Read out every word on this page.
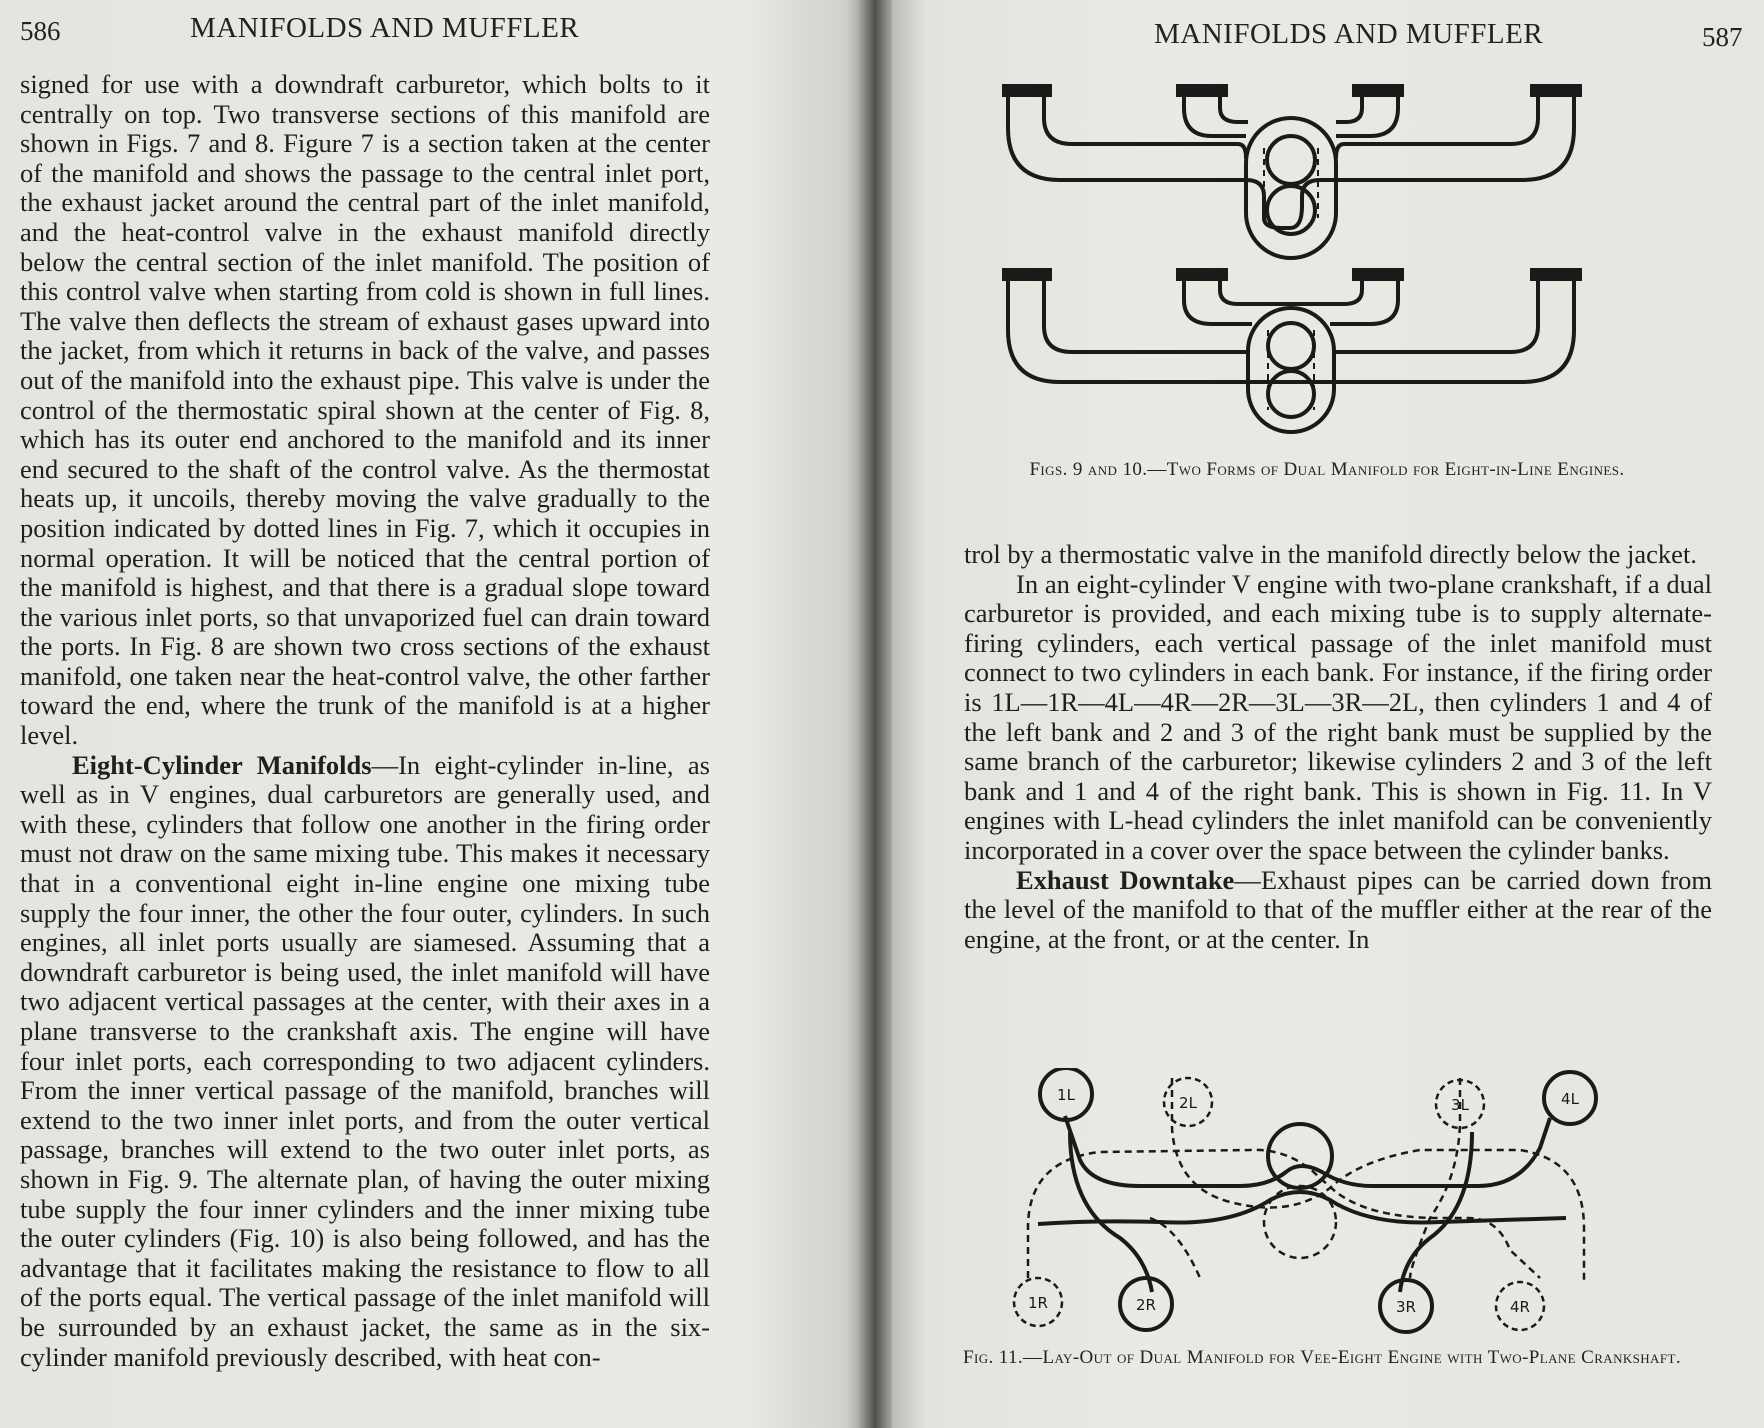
586	MANIFOLDS AND MUFFLER

signed for use with a downdraft carburetor, which bolts to it centrally on top. Two transverse sections of this manifold are shown in Figs. 7 and 8. Figure 7 is a section taken at the center of the manifold and shows the passage to the central inlet port, the exhaust jacket around the central part of the inlet manifold, and the heat-control valve in the exhaust manifold directly below the central section of the inlet manifold. The position of this control valve when starting from cold is shown in full lines. The valve then deflects the stream of exhaust gases upward into the jacket, from which it returns in back of the valve, and passes out of the manifold into the exhaust pipe. This valve is under the control of the thermostatic spiral shown at the center of Fig. 8, which has its outer end anchored to the manifold and its inner end secured to the shaft of the control valve. As the thermostat heats up, it uncoils, thereby moving the valve gradually to the position indicated by dotted lines in Fig. 7, which it occupies in normal operation. It will be noticed that the central portion of the manifold is highest, and that there is a gradual slope toward the various inlet ports, so that unvaporized fuel can drain toward the ports. In Fig. 8 are shown two cross sections of the exhaust manifold, one taken near the heat-control valve, the other farther toward the end, where the trunk of the manifold is at a higher level.

Eight-Cylinder Manifolds—In eight-cylinder in-line, as well as in V engines, dual carburetors are generally used, and with these, cylinders that follow one another in the firing order must not draw on the same mixing tube. This makes it necessary that in a conventional eight in-line engine one mixing tube supply the four inner, the other the four outer, cylinders. In such engines, all inlet ports usually are siamesed. Assuming that a downdraft carburetor is being used, the inlet manifold will have two adjacent vertical passages at the center, with their axes in a plane transverse to the crankshaft axis. The engine will have four inlet ports, each corresponding to two adjacent cylinders. From the inner vertical passage of the manifold, branches will extend to the two inner inlet ports, and from the outer vertical passage, branches will extend to the two outer inlet ports, as shown in Fig. 9. The alternate plan, of having the outer mixing tube supply the four inner cylinders and the inner mixing tube the outer cylinders (Fig. 10) is also being followed, and has the advantage that it facilitates making the resistance to flow to all of the ports equal. The vertical passage of the inlet manifold will be surrounded by an exhaust jacket, the same as in the six-cylinder manifold previously described, with heat con-

MANIFOLDS AND MUFFLER	587
Figs. 9 and 10.—Two Forms of Dual Manifold for Eight-in-Line Engines.

trol by a thermostatic valve in the manifold directly below the jacket.

In an eight-cylinder V engine with two-plane crankshaft, if a dual carburetor is provided, and each mixing tube is to supply alternate-firing cylinders, each vertical passage of the inlet manifold must connect to two cylinders in each bank. For instance, if the firing order is 1L—1R—4L—4R—2R—3L—3R—2L, then cylinders 1 and 4 of the left bank and 2 and 3 of the right bank must be supplied by the same branch of the carburetor; likewise cylinders 2 and 3 of the left bank and 1 and 4 of the right bank. This is shown in Fig. 11. In V engines with L-head cylinders the inlet manifold can be conveniently incorporated in a cover over the space between the cylinder banks.

Exhaust Downtake—Exhaust pipes can be carried down from the level of the manifold to that of the muffler either at the rear of the engine, at the front, or at the center. In

1L	2L	3L	4L
1R	2R	3R	4R
Fig. 11.—Lay-Out of Dual Manifold for Vee-Eight Engine with Two-Plane Crankshaft.
